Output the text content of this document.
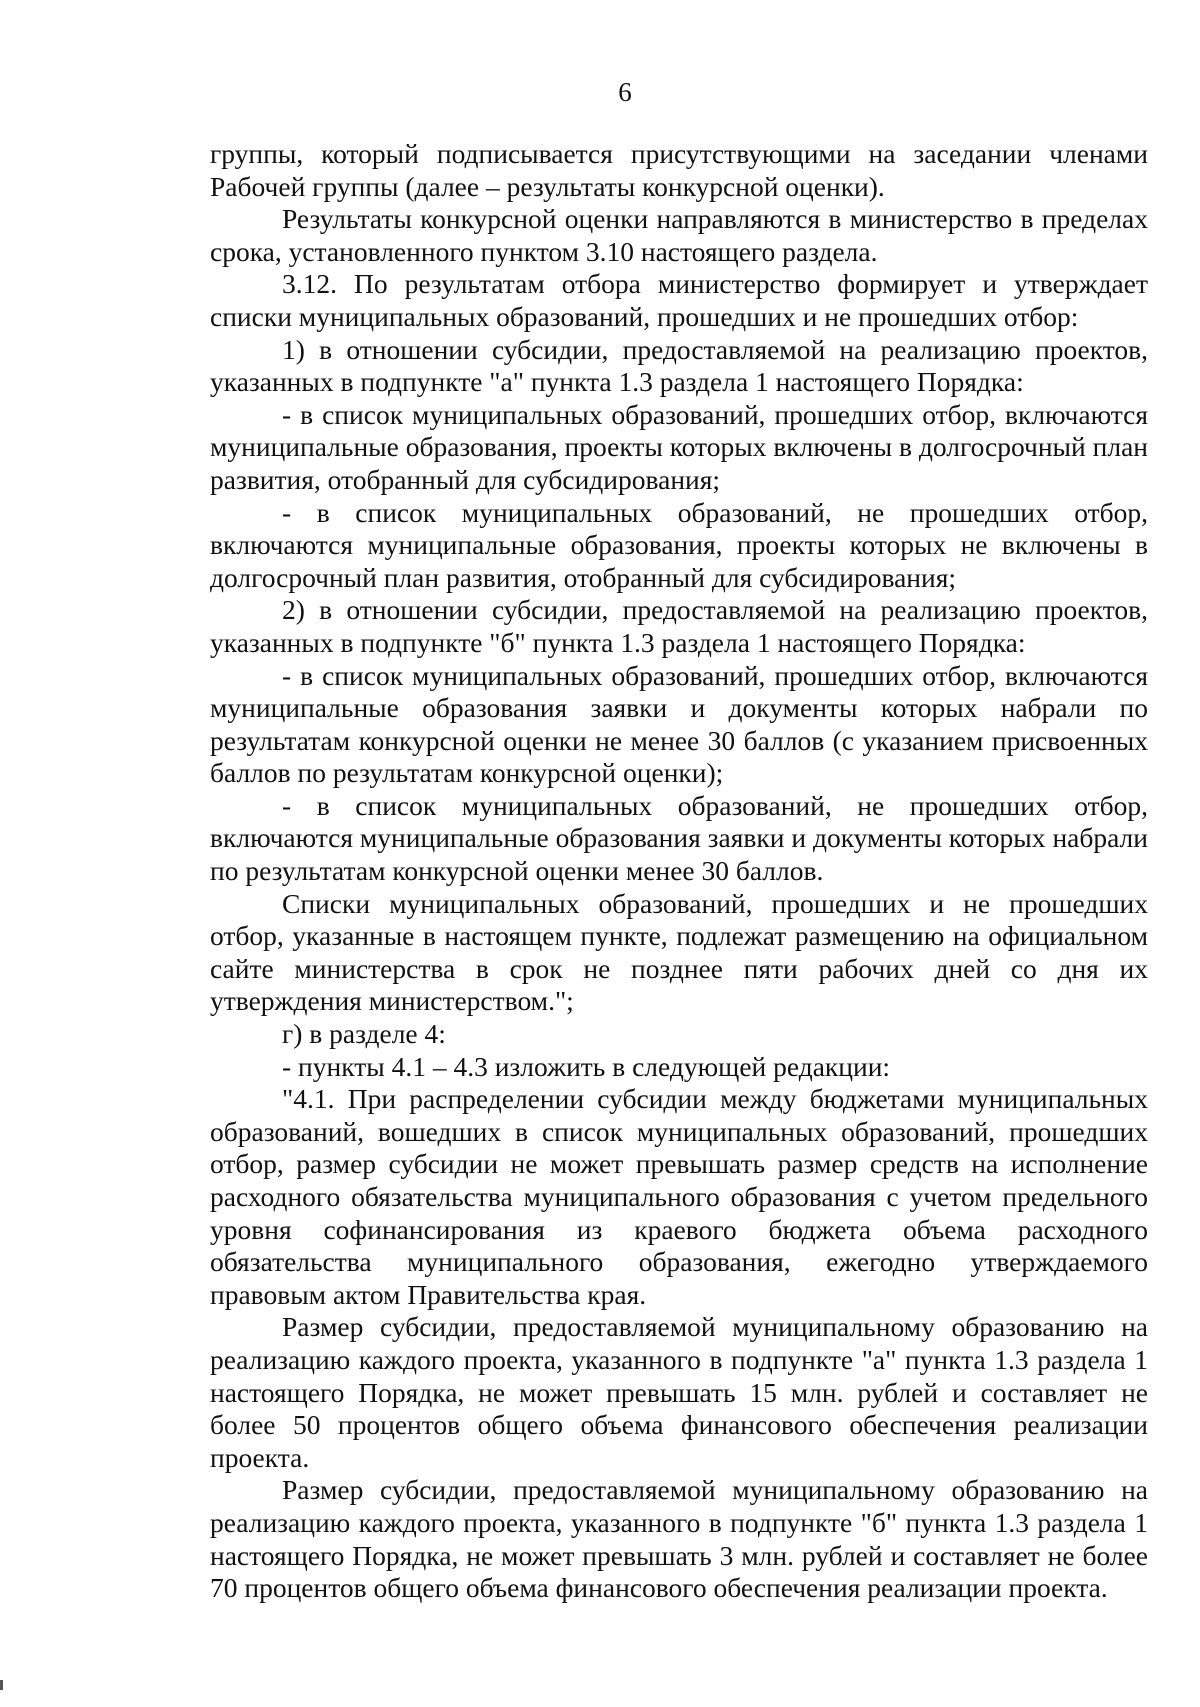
6

группы, который подписывается присутствующими на заседании членами Рабочей группы (далее – результаты конкурсной оценки).

Результаты конкурсной оценки направляются в министерство в пределах срока, установленного пунктом 3.10 настоящего раздела.

3.12. По результатам отбора министерство формирует и утверждает списки муниципальных образований, прошедших и не прошедших отбор:

1) в отношении субсидии, предоставляемой на реализацию проектов, указанных в подпункте "а" пункта 1.3 раздела 1 настоящего Порядка:

- в список муниципальных образований, прошедших отбор, включаются муниципальные образования, проекты которых включены в долгосрочный план развития, отобранный для субсидирования;

- в список муниципальных образований, не прошедших отбор, включаются муниципальные образования, проекты которых не включены в долгосрочный план развития, отобранный для субсидирования;

2) в отношении субсидии, предоставляемой на реализацию проектов, указанных в подпункте "б" пункта 1.3 раздела 1 настоящего Порядка:

- в список муниципальных образований, прошедших отбор, включаются муниципальные образования заявки и документы которых набрали по результатам конкурсной оценки не менее 30 баллов (с указанием присвоенных баллов по результатам конкурсной оценки);

- в список муниципальных образований, не прошедших отбор, включаются муниципальные образования заявки и документы которых набрали по результатам конкурсной оценки менее 30 баллов.

Списки муниципальных образований, прошедших и не прошедших отбор, указанные в настоящем пункте, подлежат размещению на официальном сайте министерства в срок не позднее пяти рабочих дней со дня их утверждения министерством.";

г) в разделе 4:

- пункты 4.1 – 4.3 изложить в следующей редакции:

"4.1. При распределении субсидии между бюджетами муниципальных образований, вошедших в список муниципальных образований, прошедших отбор, размер субсидии не может превышать размер средств на исполнение расходного обязательства муниципального образования с учетом предельного уровня софинансирования из краевого бюджета объема расходного обязательства муниципального образования, ежегодно утверждаемого правовым актом Правительства края.

Размер субсидии, предоставляемой муниципальному образованию на реализацию каждого проекта, указанного в подпункте "а" пункта 1.3 раздела 1 настоящего Порядка, не может превышать 15 млн. рублей и составляет не более 50 процентов общего объема финансового обеспечения реализации проекта.

Размер субсидии, предоставляемой муниципальному образованию на реализацию каждого проекта, указанного в подпункте "б" пункта 1.3 раздела 1 настоящего Порядка, не может превышать 3 млн. рублей и составляет не более 70 процентов общего объема финансового обеспечения реализации проекта.
